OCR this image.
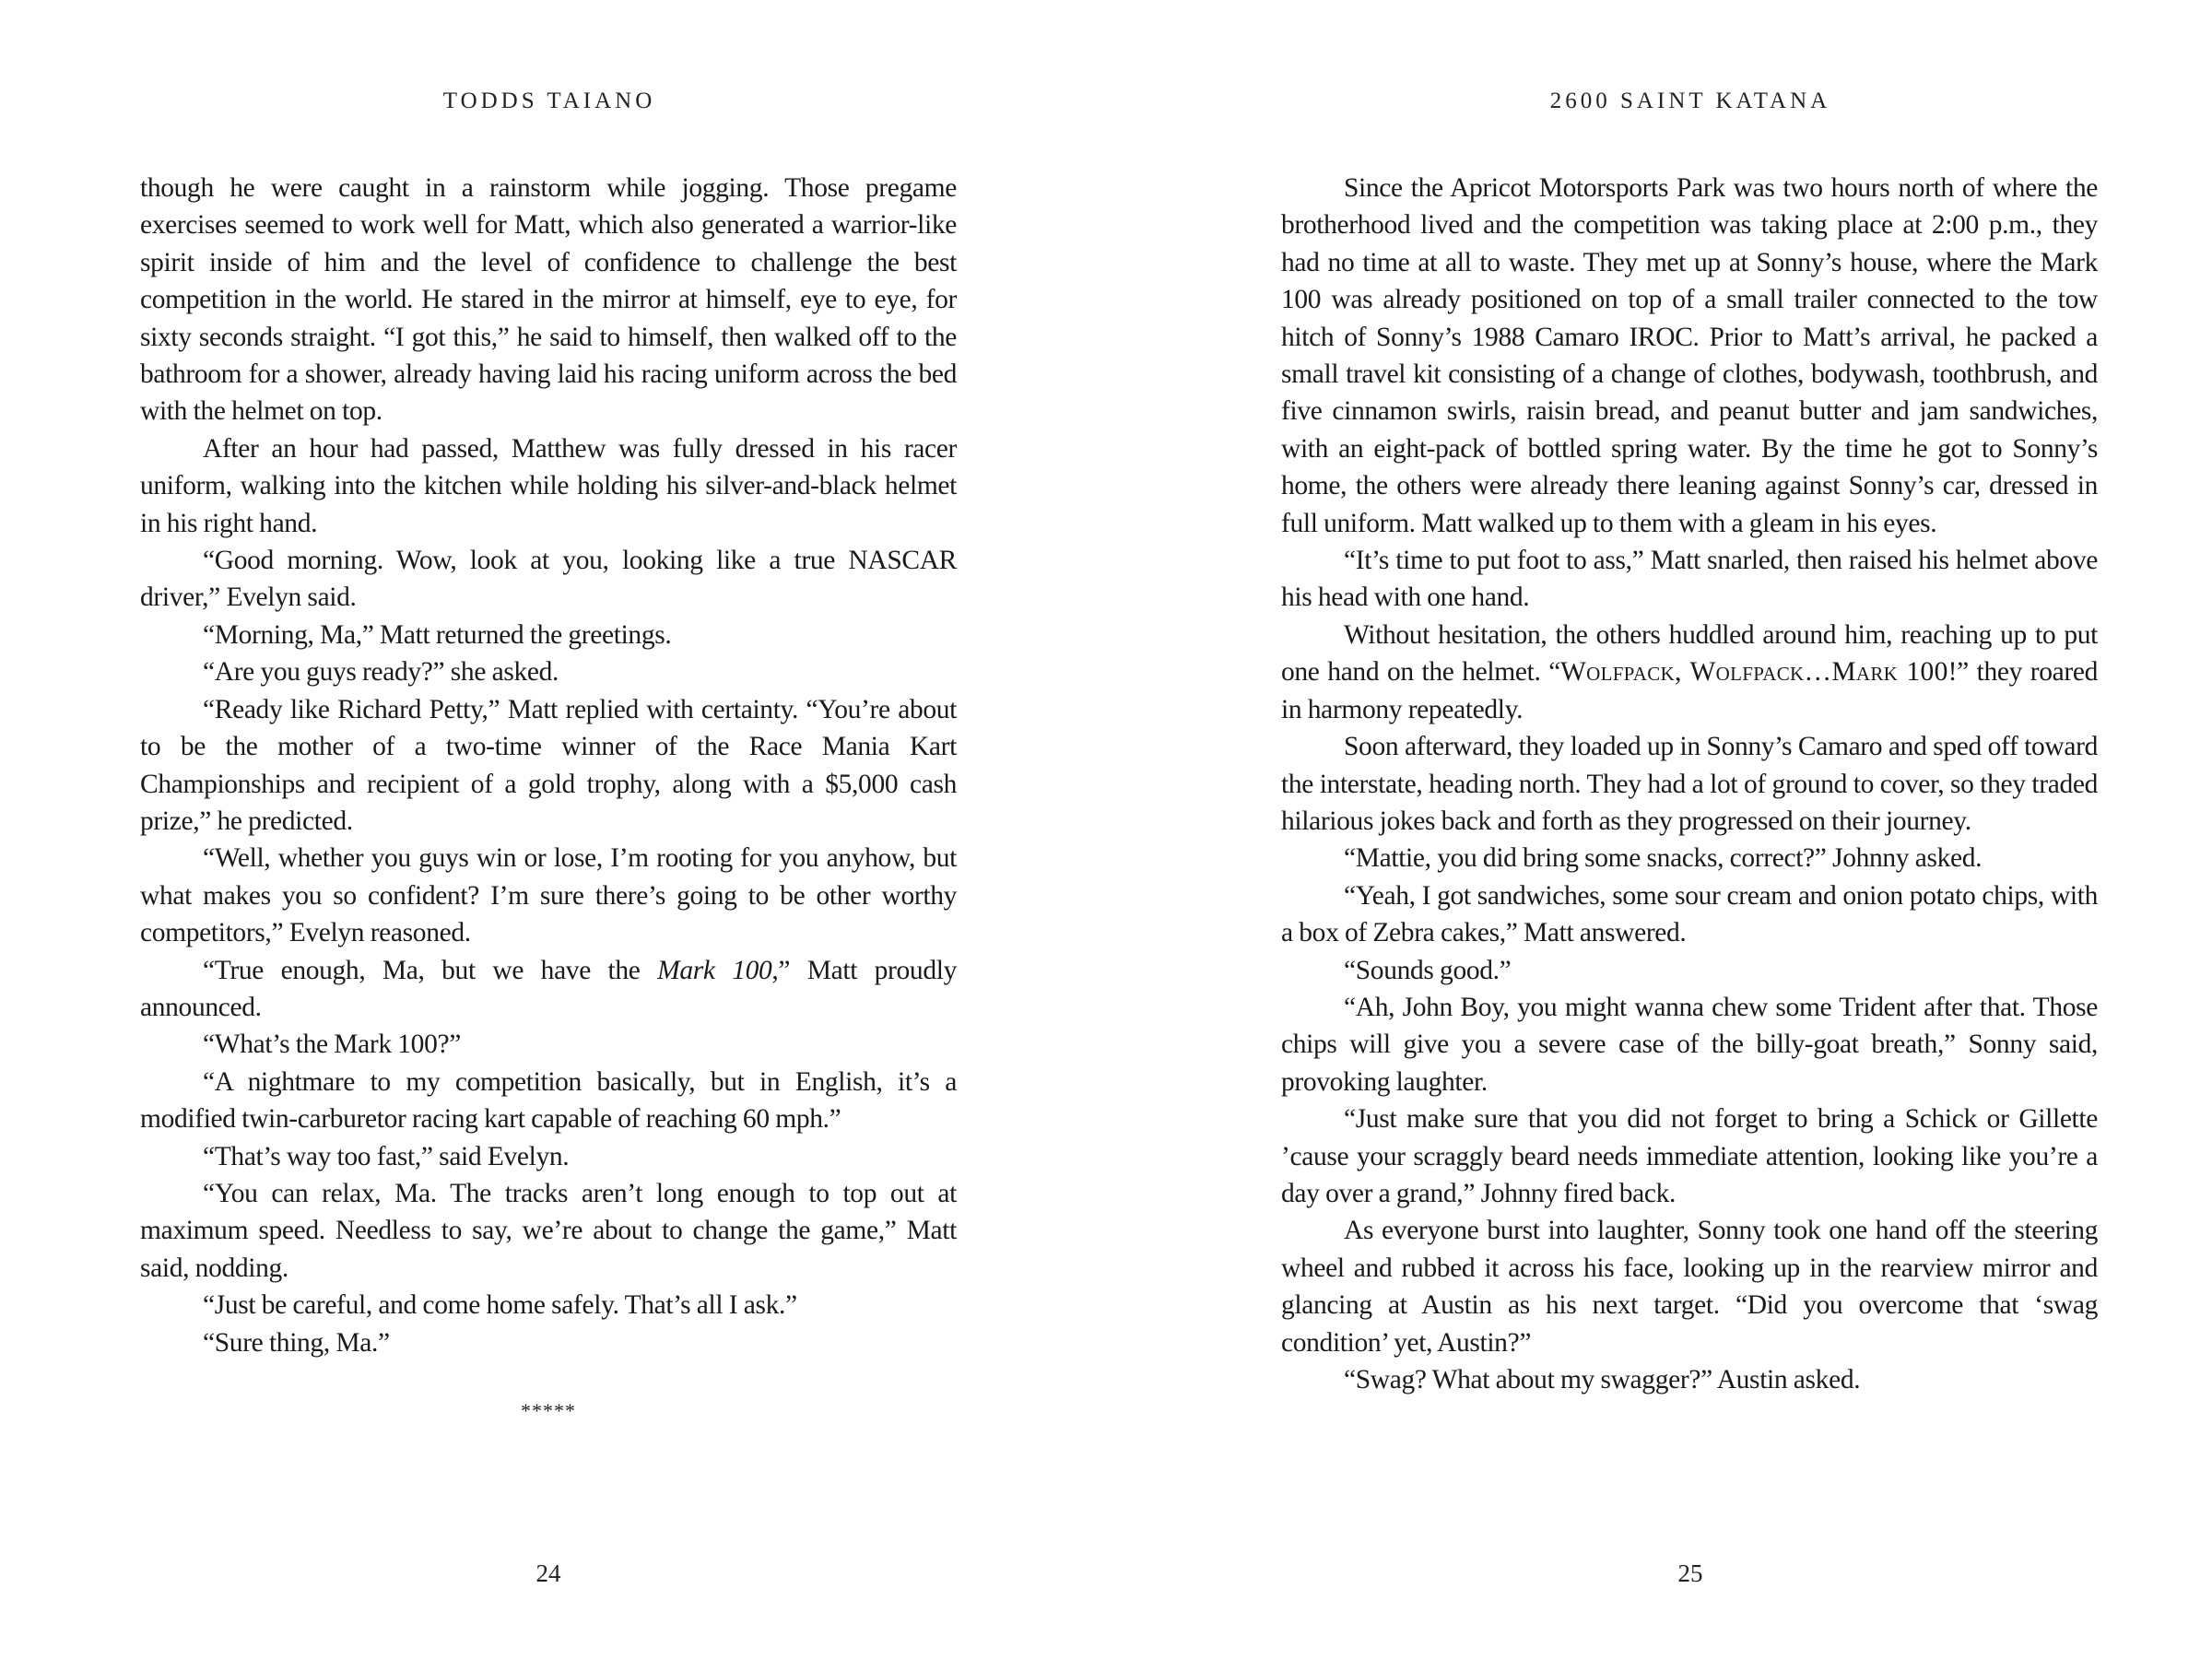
TODDS TAIANO

though he were caught in a rainstorm while jogging. Those pregame exercises seemed to work well for Matt, which also generated a warrior-like spirit inside of him and the level of confidence to challenge the best competition in the world. He stared in the mirror at himself, eye to eye, for sixty seconds straight. “I got this,” he said to himself, then walked off to the bathroom for a shower, already having laid his racing uniform across the bed with the helmet on top.

After an hour had passed, Matthew was fully dressed in his racer uniform, walking into the kitchen while holding his silver-and-black helmet in his right hand.

“Good morning. Wow, look at you, looking like a true NASCAR driver,” Evelyn said.

“Morning, Ma,” Matt returned the greetings.

“Are you guys ready?” she asked.

“Ready like Richard Petty,” Matt replied with certainty. “You’re about to be the mother of a two-time winner of the Race Mania Kart Championships and recipient of a gold trophy, along with a $5,000 cash prize,” he predicted.

“Well, whether you guys win or lose, I’m rooting for you anyhow, but what makes you so confident? I’m sure there’s going to be other worthy competitors,” Evelyn reasoned.

“True enough, Ma, but we have the Mark 100,” Matt proudly announced.

“What’s the Mark 100?”

“A nightmare to my competition basically, but in English, it’s a modified twin-carburetor racing kart capable of reaching 60 mph.”

“That’s way too fast,” said Evelyn.

“You can relax, Ma. The tracks aren’t long enough to top out at maximum speed. Needless to say, we’re about to change the game,” Matt said, nodding.

“Just be careful, and come home safely. That’s all I ask.”

“Sure thing, Ma.”

*****
24
2600 SAINT KATANA

Since the Apricot Motorsports Park was two hours north of where the brotherhood lived and the competition was taking place at 2:00 p.m., they had no time at all to waste. They met up at Sonny’s house, where the Mark 100 was already positioned on top of a small trailer connected to the tow hitch of Sonny’s 1988 Camaro IROC. Prior to Matt’s arrival, he packed a small travel kit consisting of a change of clothes, bodywash, toothbrush, and five cinnamon swirls, raisin bread, and peanut butter and jam sandwiches, with an eight-pack of bottled spring water. By the time he got to Sonny’s home, the others were already there leaning against Sonny’s car, dressed in full uniform. Matt walked up to them with a gleam in his eyes.

“It’s time to put foot to ass,” Matt snarled, then raised his helmet above his head with one hand.

Without hesitation, the others huddled around him, reaching up to put one hand on the helmet. “Wolfpack, Wolfpack…Mark 100!” they roared in harmony repeatedly.

Soon afterward, they loaded up in Sonny’s Camaro and sped off toward the interstate, heading north. They had a lot of ground to cover, so they traded hilarious jokes back and forth as they progressed on their journey.

“Mattie, you did bring some snacks, correct?” Johnny asked.

“Yeah, I got sandwiches, some sour cream and onion potato chips, with a box of Zebra cakes,” Matt answered.

“Sounds good.”

“Ah, John Boy, you might wanna chew some Trident after that. Those chips will give you a severe case of the billy-goat breath,” Sonny said, provoking laughter.

“Just make sure that you did not forget to bring a Schick or Gillette ’cause your scraggly beard needs immediate attention, looking like you’re a day over a grand,” Johnny fired back.

As everyone burst into laughter, Sonny took one hand off the steering wheel and rubbed it across his face, looking up in the rearview mirror and glancing at Austin as his next target. “Did you overcome that ‘swag condition’ yet, Austin?”

“Swag? What about my swagger?” Austin asked.

25
